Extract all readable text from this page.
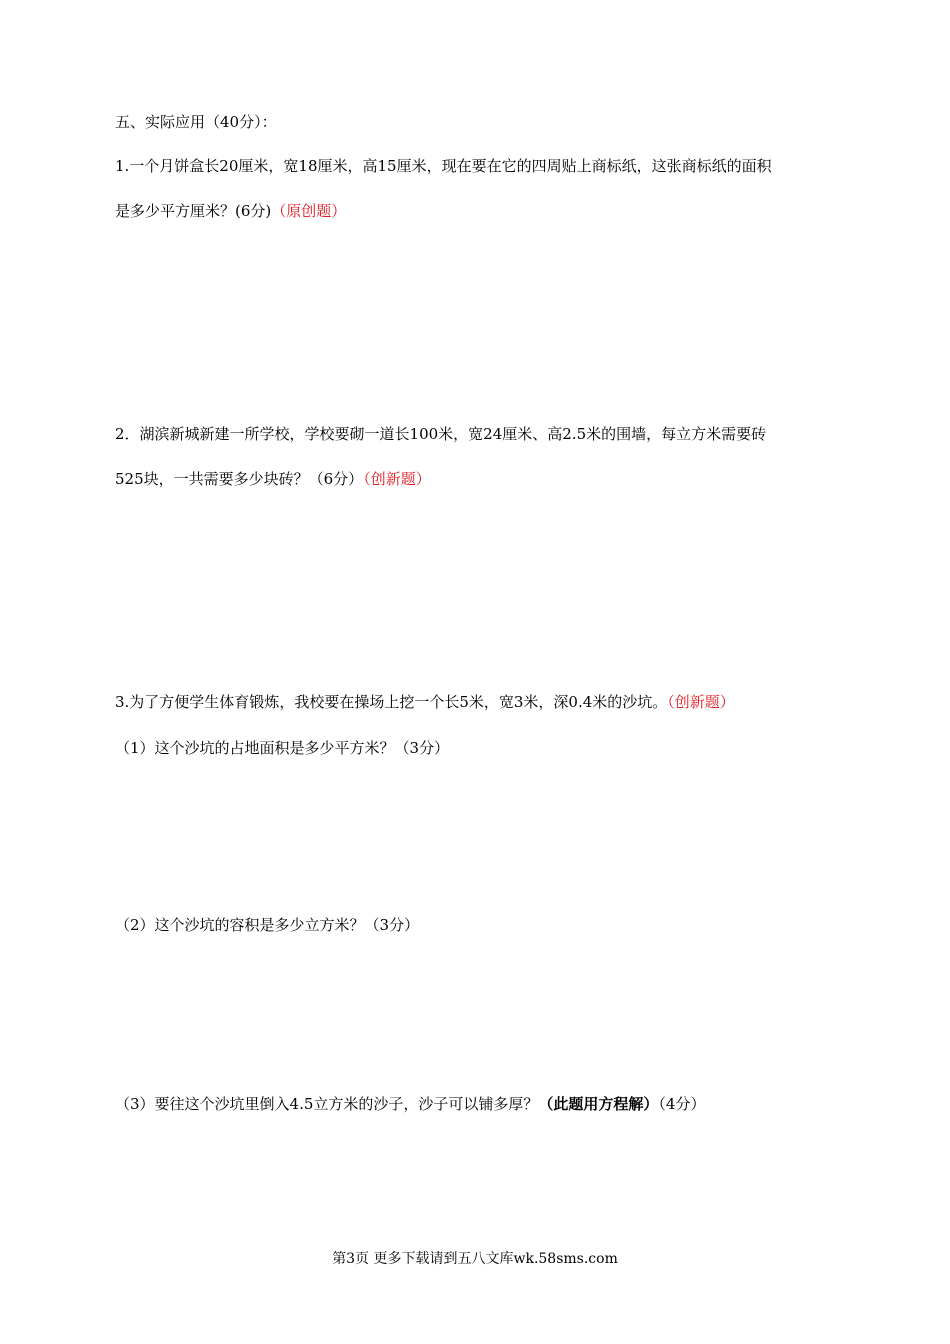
五、实际应用（40分）：
1.一个月饼盒长20厘米，宽18厘米，高15厘米，现在要在它的四周贴上商标纸，这张商标纸的面积
是多少平方厘米？(6分)（原创题）
2．湖滨新城新建一所学校，学校要砌一道长100米，宽24厘米、高2.5米的围墙，每立方米需要砖
525块，一共需要多少块砖？（6分）（创新题）
3.为了方便学生体育锻炼，我校要在操场上挖一个长5米，宽3米，深0.4米的沙坑。（创新题）
（1）这个沙坑的占地面积是多少平方米？（3分）
（2）这个沙坑的容积是多少立方米？（3分）
（3）要往这个沙坑里倒入4.5立方米的沙子，沙子可以铺多厚？（此题用方程解）（4分）
第3页 更多下载请到五八文库wk.58sms.com
